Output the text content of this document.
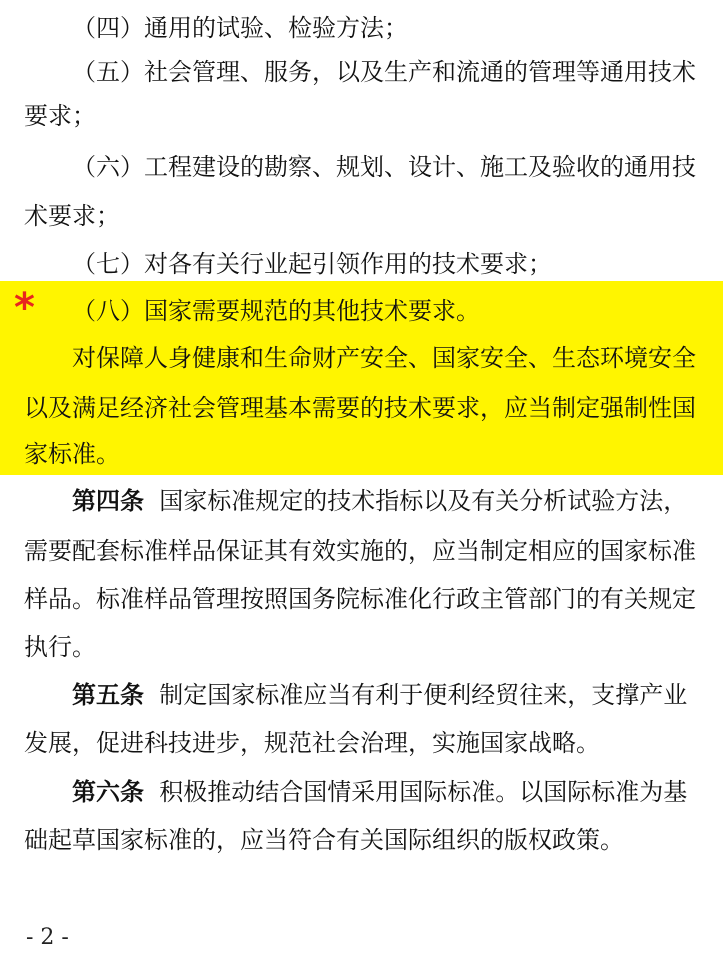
*
（四）通用的试验、检验方法；
（五）社会管理、服务，以及生产和流通的管理等通用技术
要求；
（六）工程建设的勘察、规划、设计、施工及验收的通用技
术要求；
（七）对各有关行业起引领作用的技术要求；
（八）国家需要规范的其他技术要求。
对保障人身健康和生命财产安全、国家安全、生态环境安全
以及满足经济社会管理基本需要的技术要求，应当制定强制性国
家标准。
第四条 国家标准规定的技术指标以及有关分析试验方法，
需要配套标准样品保证其有效实施的，应当制定相应的国家标准
样品。标准样品管理按照国务院标准化行政主管部门的有关规定
执行。
第五条 制定国家标准应当有利于便利经贸往来，支撑产业
发展，促进科技进步，规范社会治理，实施国家战略。
第六条 积极推动结合国情采用国际标准。以国际标准为基
础起草国家标准的，应当符合有关国际组织的版权政策。
- 2 -
